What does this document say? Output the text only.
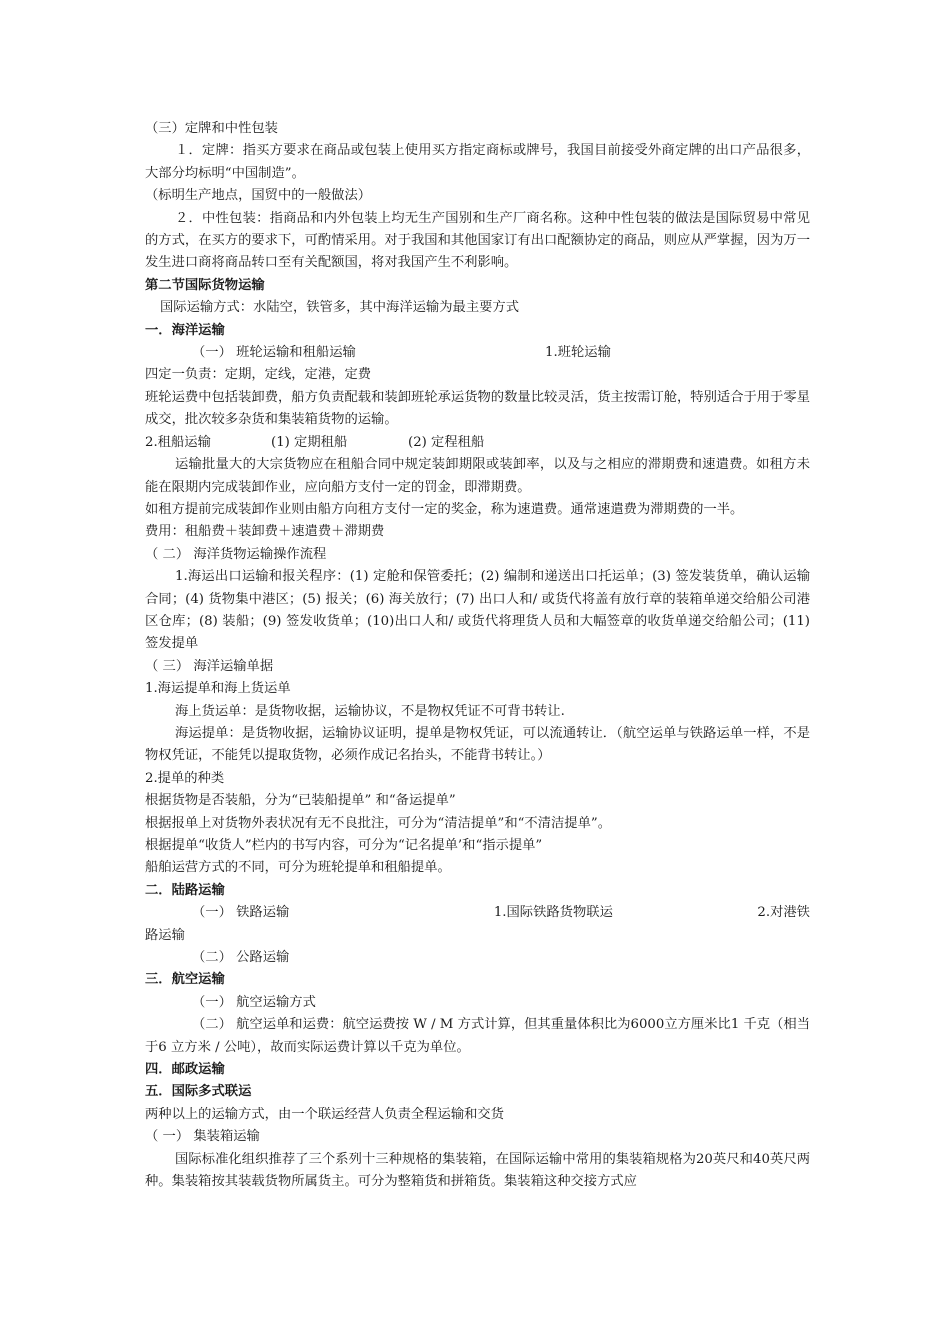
（三）定牌和中性包装

１．定牌：指买方要求在商品或包装上使用买方指定商标或牌号，我国目前接受外商定牌的出口产品很多，大部分均标明“中国制造”。

（标明生产地点，国贸中的一般做法）

２．中性包装：指商品和内外包装上均无生产国别和生产厂商名称。这种中性包装的做法是国际贸易中常见的方式，在买方的要求下，可酌情采用。对于我国和其他国家订有出口配额协定的商品，则应从严掌握，因为万一发生进口商将商品转口至有关配额国，将对我国产生不利影响。

第二节国际货物运输

国际运输方式：水陆空，铁管多，其中海洋运输为最主要方式

一．海洋运输

（一） 班轮运输和租船运输	1.班轮运输

四定一负责：定期，定线，定港，定费

班轮运费中包括装卸费，船方负责配载和装卸班轮承运货物的数量比较灵活，货主按需订舱，特别适合于用于零星成交，批次较多杂货和集装箱货物的运输。

2.租船运输	(1) 定期租船	(2) 定程租船

运输批量大的大宗货物应在租船合同中规定装卸期限或装卸率，以及与之相应的滞期费和速遣费。如租方未能在限期内完成装卸作业，应向船方支付一定的罚金，即滞期费。

如租方提前完成装卸作业则由船方向租方支付一定的奖金，称为速遣费。通常速遣费为滞期费的一半。

费用：租船费＋装卸费＋速遣费＋滞期费

（ 二） 海洋货物运输操作流程

1.海运出口运输和报关程序：(1) 定舱和保管委托；(2) 编制和递送出口托运单；(3) 签发装货单，确认运输合同；(4) 货物集中港区；(5) 报关；(6) 海关放行；(7) 出口人和/ 或货代将盖有放行章的装箱单递交给船公司港区仓库；(8) 装船；(9) 签发收货单；(10)出口人和/ 或货代将理货人员和大幅签章的收货单递交给船公司；(11)签发提单

（ 三） 海洋运输单据

1.海运提单和海上货运单

海上货运单：是货物收据，运输协议，不是物权凭证不可背书转让.

海运提单：是货物收据，运输协议证明，提单是物权凭证，可以流通转让．（航空运单与铁路运单一样，不是物权凭证，不能凭以提取货物，必须作成记名抬头，不能背书转让。）

2.提单的种类

根据货物是否装船，分为“已装船提单” 和“备运提单”

根据报单上对货物外表状况有无不良批注，可分为“清洁提单”和“不清洁提单”。

根据提单“收货人”栏内的书写内容，可分为“记名提单’和“指示提单”

船舶运营方式的不同，可分为班轮提单和租船提单。

二．陆路运输

（一） 铁路运输	1.国际铁路货物联运	2.对港铁

路运输

（二） 公路运输

三．航空运输

（一） 航空运输方式

（二） 航空运单和运费：航空运费按 W / M 方式计算，但其重量体积比为6000立方厘米比1 千克（相当于6 立方米 / 公吨），故而实际运费计算以千克为单位。

四．邮政运输

五．国际多式联运

两种以上的运输方式，由一个联运经营人负责全程运输和交货

（ 一） 集装箱运输

国际标准化组织推荐了三个系列十三种规格的集装箱，在国际运输中常用的集装箱规格为20英尺和40英尺两种。集装箱按其装载货物所属货主。可分为整箱货和拼箱货。集装箱这种交接方式应
